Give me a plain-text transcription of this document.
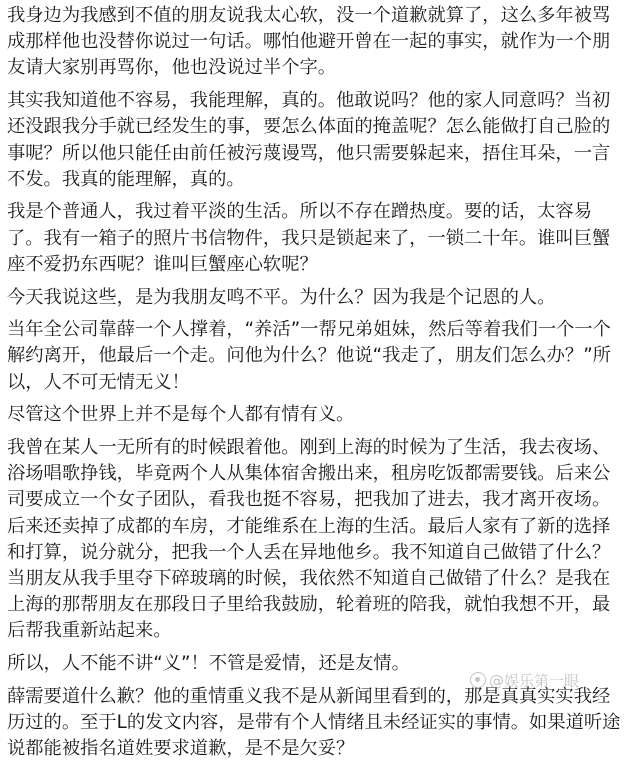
我身边为我感到不值的朋友说我太心软，没一个道歉就算了，这么多年被骂成那样他也没替你说过一句话。哪怕他避开曾在一起的事实，就作为一个朋友请大家别再骂你，他也没说过半个字。

其实我知道他不容易，我能理解，真的。他敢说吗？他的家人同意吗？当初还没跟我分手就已经发生的事，要怎么体面的掩盖呢？怎么能做打自己脸的事呢？所以他只能任由前任被污蔑谩骂，他只需要躲起来，捂住耳朵，一言不发。我真的能理解，真的。

我是个普通人，我过着平淡的生活。所以不存在蹭热度。要的话，太容易了。我有一箱子的照片书信物件，我只是锁起来了，一锁二十年。谁叫巨蟹座不爱扔东西呢？谁叫巨蟹座心软呢？

今天我说这些，是为我朋友鸣不平。为什么？因为我是个记恩的人。

当年全公司靠薛一个人撑着，“养活”一帮兄弟姐妹，然后等着我们一个一个解约离开，他最后一个走。问他为什么？他说“我走了，朋友们怎么办？”所以，人不可无情无义！

尽管这个世界上并不是每个人都有情有义。

我曾在某人一无所有的时候跟着他。刚到上海的时候为了生活，我去夜场、浴场唱歌挣钱，毕竟两个人从集体宿舍搬出来，租房吃饭都需要钱。后来公司要成立一个女子团队，看我也挺不容易，把我加了进去，我才离开夜场。后来还卖掉了成都的车房，才能维系在上海的生活。最后人家有了新的选择和打算，说分就分，把我一个人丢在异地他乡。我不知道自己做错了什么？当朋友从我手里夺下碎玻璃的时候，我依然不知道自己做错了什么？是我在上海的那帮朋友在那段日子里给我鼓励，轮着班的陪我，就怕我想不开，最后帮我重新站起来。

所以，人不能不讲“义”！不管是爱情，还是友情。

薛需要道什么歉？他的重情重义我不是从新闻里看到的，那是真真实实我经历过的。至于L的发文内容，是带有个人情绪且未经证实的事情。如果道听途说都能被指名道姓要求道歉，是不是欠妥？

@娱乐第一眼
